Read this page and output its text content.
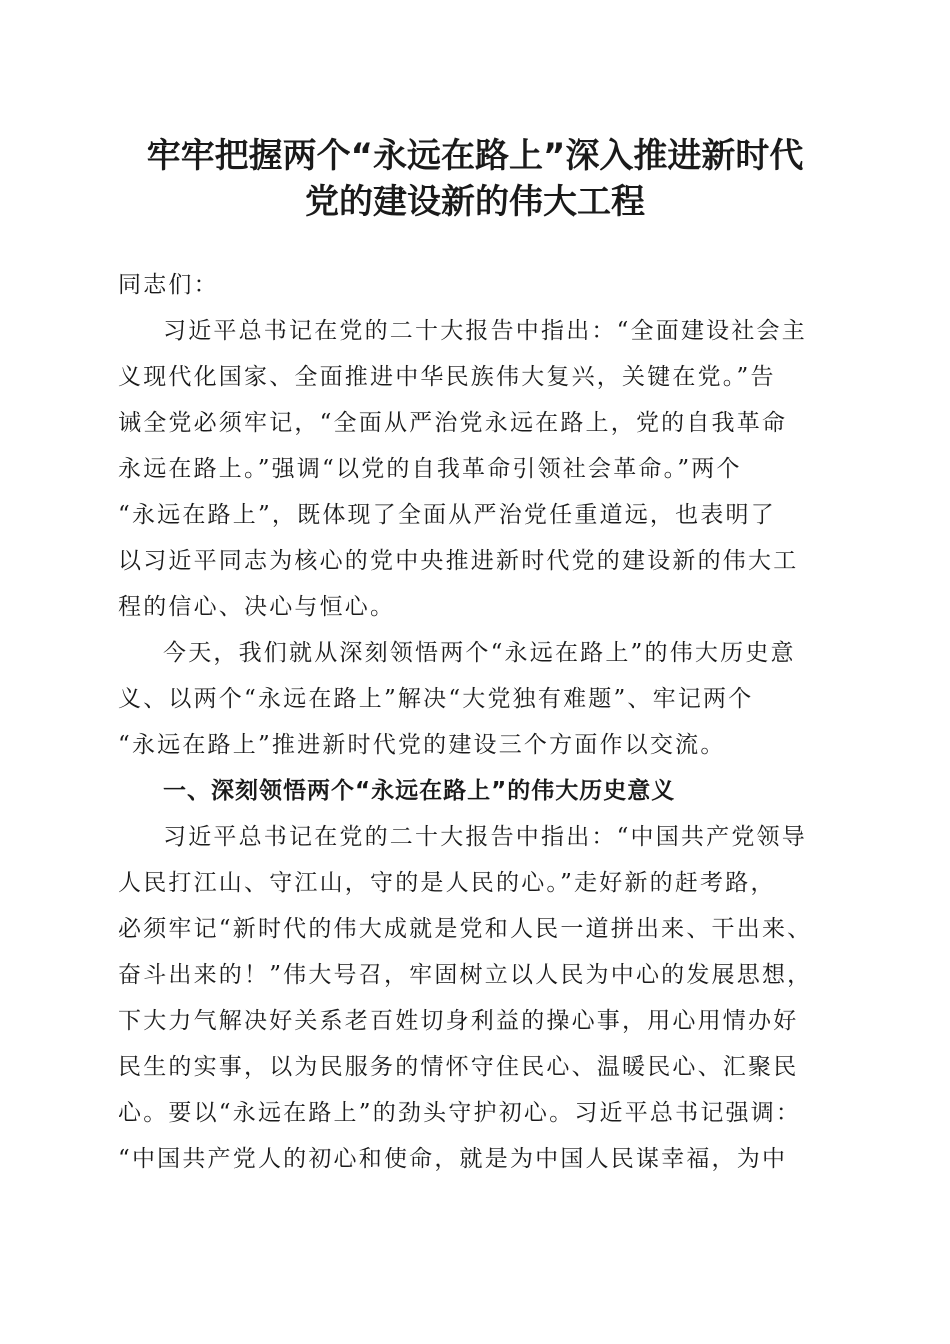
牢牢把握两个“永远在路上”深入推进新时代
党的建设新的伟大工程
同志们：
习近平总书记在党的二十大报告中指出：“全面建设社会主
义现代化国家、全面推进中华民族伟大复兴，关键在党。”告
诫全党必须牢记，“全面从严治党永远在路上，党的自我革命
永远在路上。”强调“以党的自我革命引领社会革命。”两个
“永远在路上”，既体现了全面从严治党任重道远，也表明了
以习近平同志为核心的党中央推进新时代党的建设新的伟大工
程的信心、决心与恒心。
今天，我们就从深刻领悟两个“永远在路上”的伟大历史意
义、以两个“永远在路上”解决“大党独有难题”、牢记两个
“永远在路上”推进新时代党的建设三个方面作以交流。
一、深刻领悟两个“永远在路上”的伟大历史意义
习近平总书记在党的二十大报告中指出：“中国共产党领导
人民打江山、守江山，守的是人民的心。”走好新的赶考路，
必须牢记“新时代的伟大成就是党和人民一道拼出来、干出来、
奋斗出来的！”伟大号召，牢固树立以人民为中心的发展思想，
下大力气解决好关系老百姓切身利益的操心事，用心用情办好
民生的实事，以为民服务的情怀守住民心、温暖民心、汇聚民
心。要以“永远在路上”的劲头守护初心。习近平总书记强调：
“中国共产党人的初心和使命，就是为中国人民谋幸福，为中
